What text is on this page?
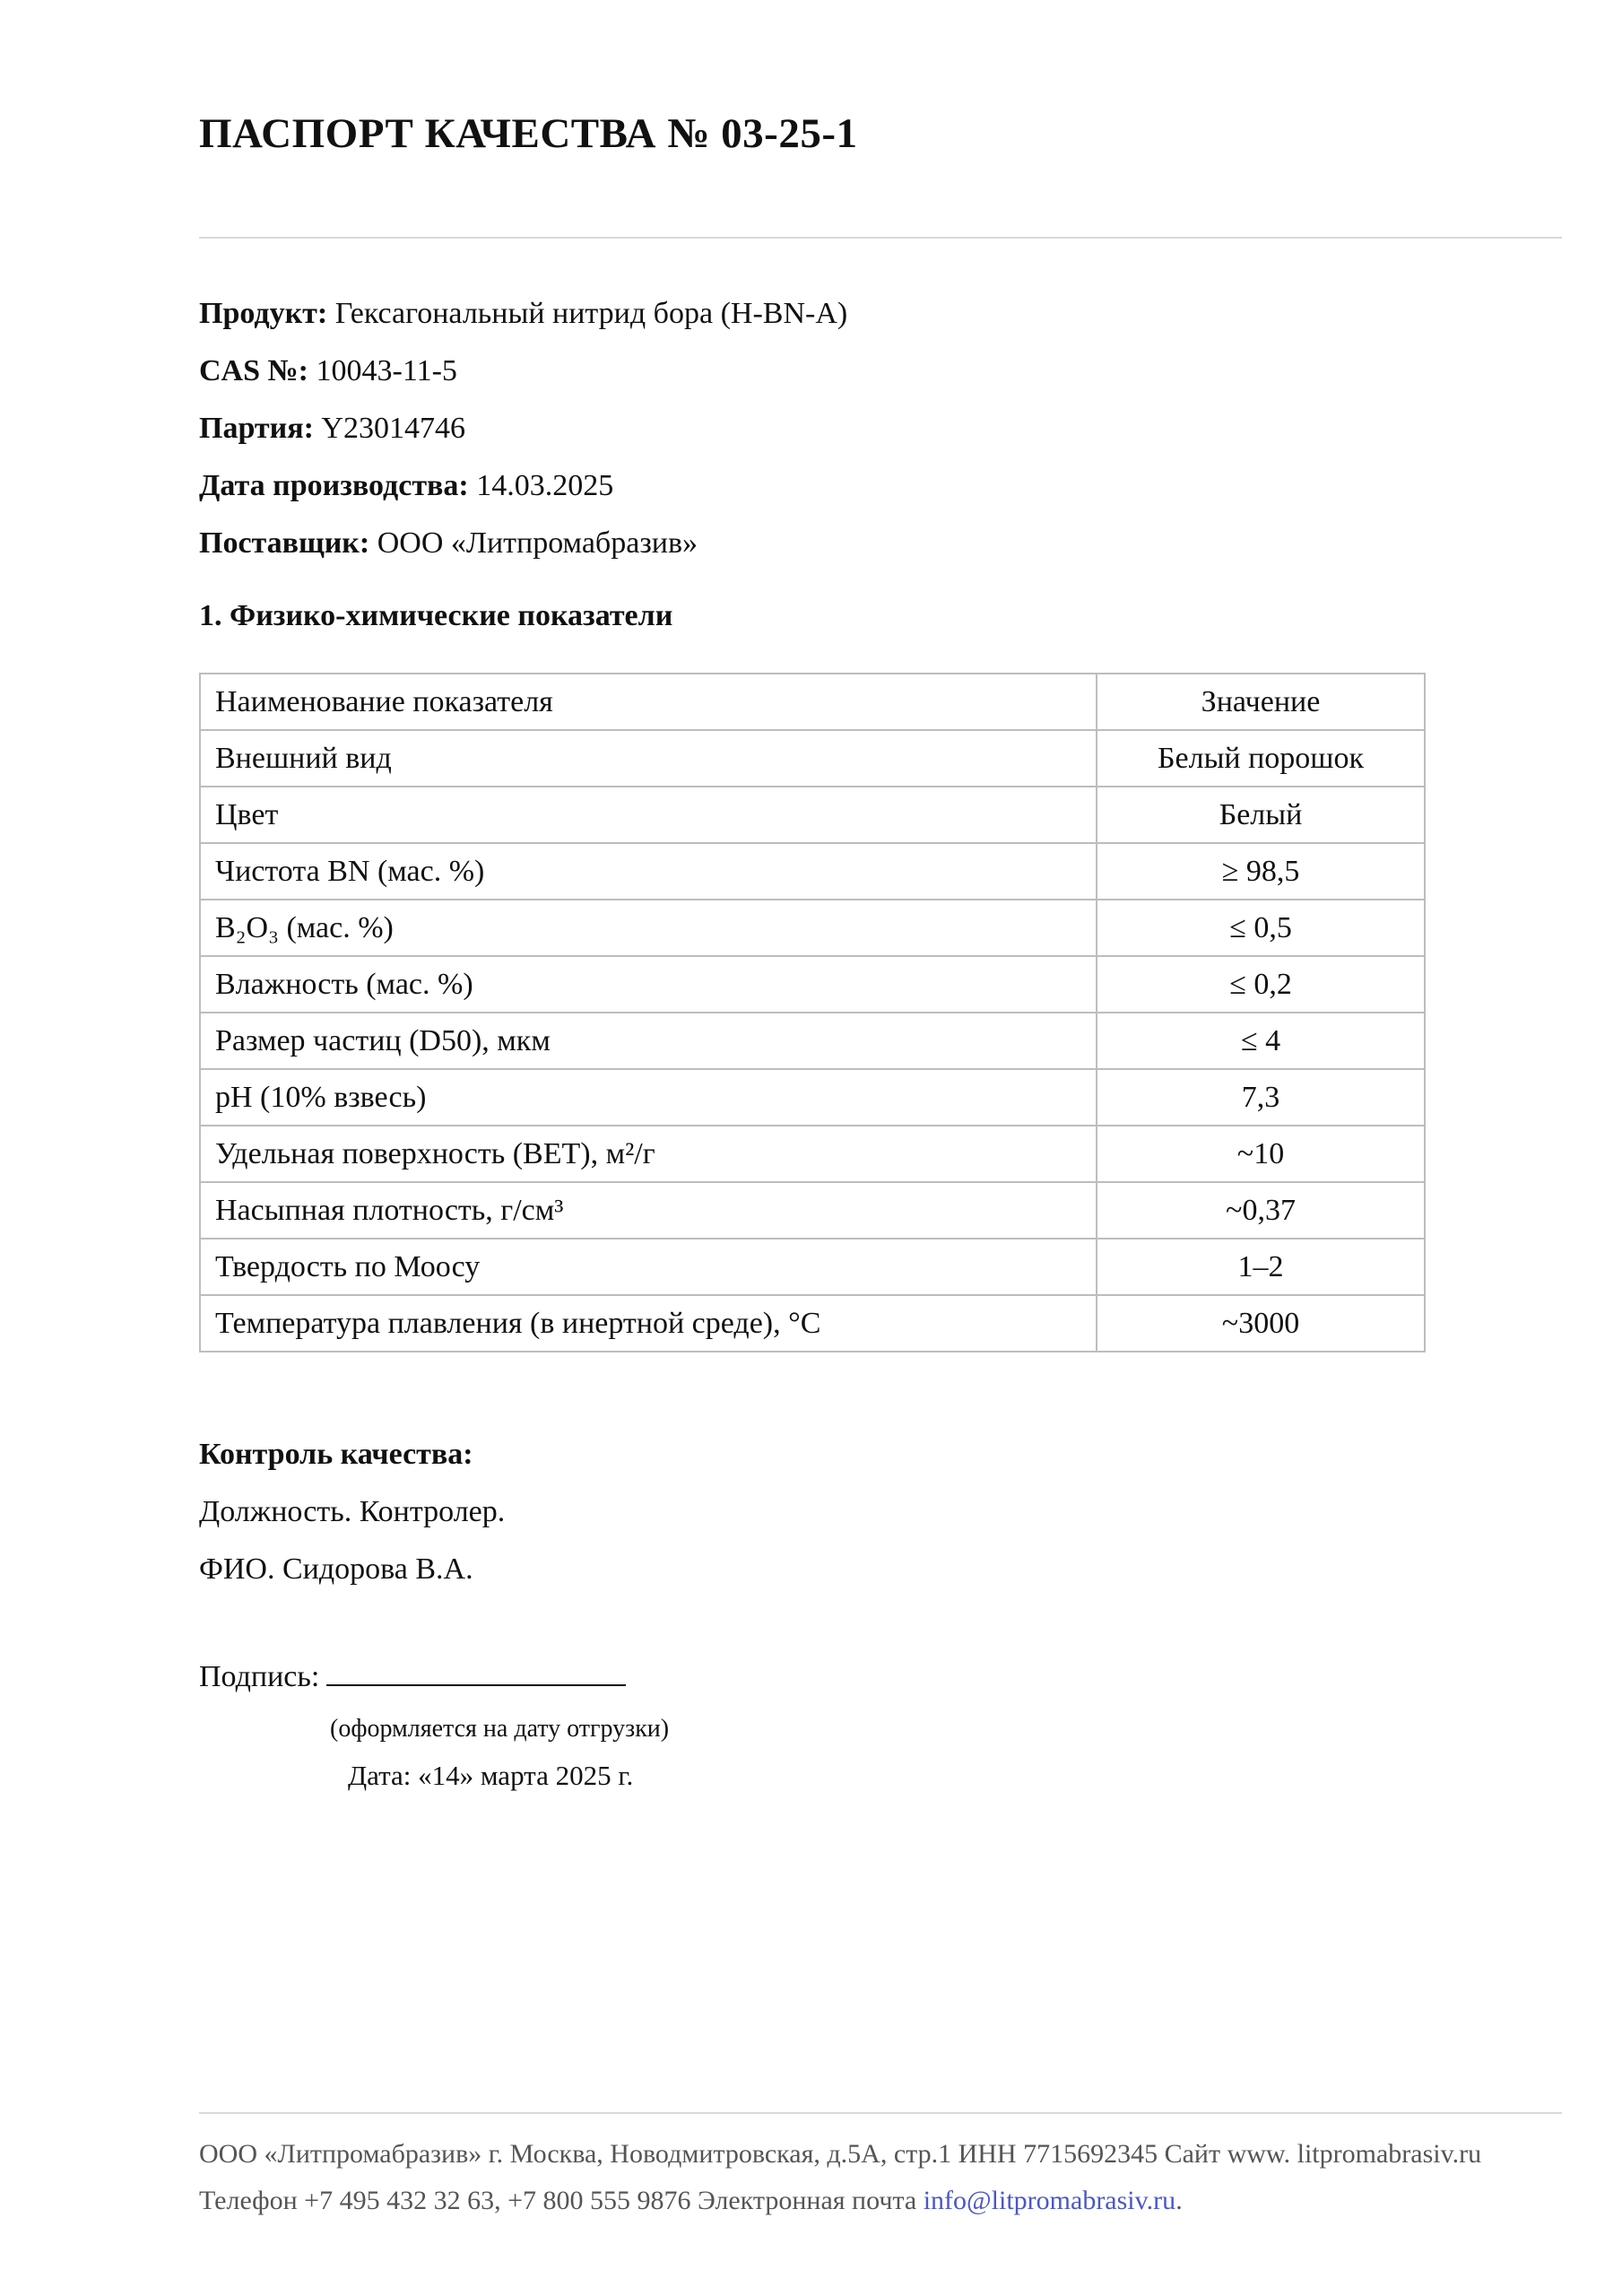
ПАСПОРТ КАЧЕСТВА № 03-25-1
Продукт: Гексагональный нитрид бора (H-BN-A)
CAS №: 10043-11-5
Партия: Y23014746
Дата производства: 14.03.2025
Поставщик: ООО «Литпромабразив»
1. Физико-химические показатели
Наименование показателя	Значение
Внешний вид	Белый порошок
Цвет	Белый
Чистота BN (мас. %)	≥ 98,5
B₂O₃ (мас. %)	≤ 0,5
Влажность (мас. %)	≤ 0,2
Размер частиц (D50), мкм	≤ 4
pH (10% взвесь)	7,3
Удельная поверхность (BET), м²/г	~10
Насыпная плотность, г/см³	~0,37
Твердость по Моосу	1–2
Температура плавления (в инертной среде), °С	~3000
Контроль качества:
Должность. Контролер.
ФИО. Сидорова В.А.
Подпись:
(оформляется на дату отгрузки)
Дата: «14» марта 2025 г.
ООО «Литпромабразив» г. Москва, Новодмитровская, д.5А, стр.1 ИНН 7715692345 Сайт www. litpromabrasiv.ru
Телефон +7 495 432 32 63, +7 800 555 9876 Электронная почта info@litpromabrasiv.ru.
